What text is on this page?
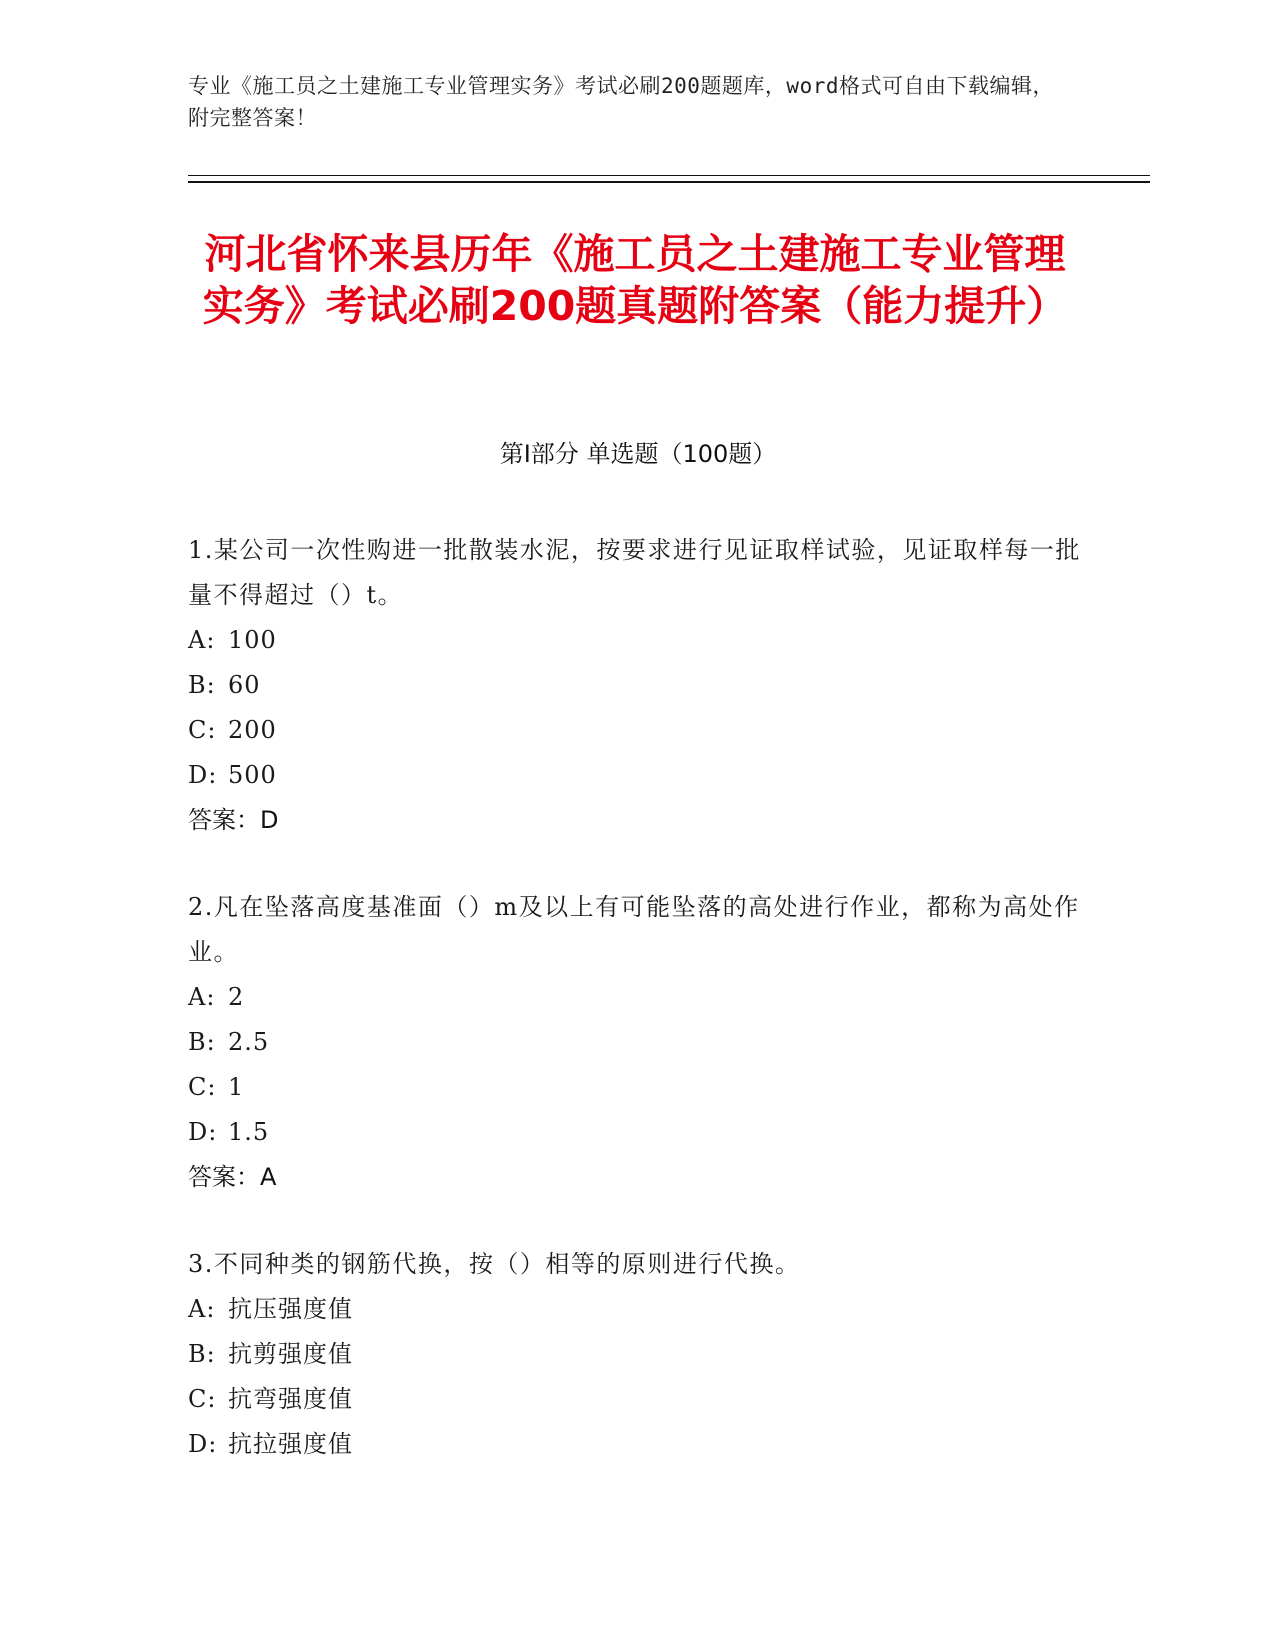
专业《施工员之土建施工专业管理实务》考试必刷200题题库，word格式可自由下载编辑，附完整答案！
河北省怀来县历年《施工员之土建施工专业管理实务》考试必刷200题真题附答案（能力提升）
第Ⅰ部分 单选题（100题）
1.某公司一次性购进一批散装水泥，按要求进行见证取样试验，见证取样每一批量不得超过（）t。
A: 100
B: 60
C: 200
D: 500
答案：D
2.凡在坠落高度基准面（）m及以上有可能坠落的高处进行作业，都称为高处作业。
A: 2
B: 2.5
C: 1
D: 1.5
答案：A
3.不同种类的钢筋代换，按（）相等的原则进行代换。
A: 抗压强度值
B: 抗剪强度值
C: 抗弯强度值
D: 抗拉强度值
